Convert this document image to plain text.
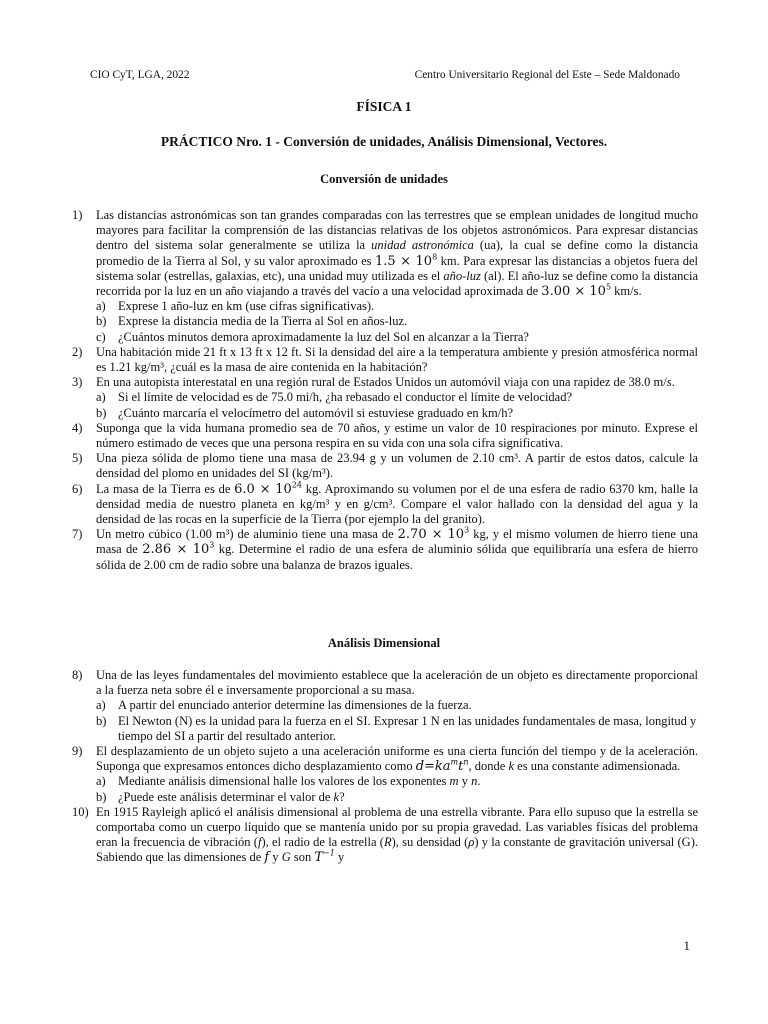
CIO CyT, LGA, 2022	Centro Universitario Regional del Este – Sede Maldonado
FÍSICA 1
PRÁCTICO Nro. 1 - Conversión de unidades, Análisis Dimensional, Vectores.
Conversión de unidades
1) Las distancias astronómicas son tan grandes comparadas con las terrestres que se emplean unidades de longitud mucho mayores para facilitar la comprensión de las distancias relativas de los objetos astronómicos. Para expresar distancias dentro del sistema solar generalmente se utiliza la unidad astronómica (ua), la cual se define como la distancia promedio de la Tierra al Sol, y su valor aproximado es $1.5 \times 10^8$ km. Para expresar las distancias a objetos fuera del sistema solar (estrellas, galaxias, etc), una unidad muy utilizada es el año-luz (al). El año-luz se define como la distancia recorrida por la luz en un año viajando a través del vacío a una velocidad aproximada de $3.00 \times 10^5$ km/s.
a) Exprese 1 año-luz en km (use cifras significativas).
b) Exprese la distancia media de la Tierra al Sol en años-luz.
c) ¿Cuántos minutos demora aproximadamente la luz del Sol en alcanzar a la Tierra?
2) Una habitación mide 21 ft x 13 ft x 12 ft. Si la densidad del aire a la temperatura ambiente y presión atmosférica normal es 1.21 kg/m³, ¿cuál es la masa de aire contenida en la habitación?
3) En una autopista interestatal en una región rural de Estados Unidos un automóvil viaja con una rapidez de 38.0 m/s.
a) Si el límite de velocidad es de 75.0 mi/h, ¿ha rebasado el conductor el límite de velocidad?
b) ¿Cuánto marcaría el velocímetro del automóvil si estuviese graduado en km/h?
4) Suponga que la vida humana promedio sea de 70 años, y estime un valor de 10 respiraciones por minuto. Exprese el número estimado de veces que una persona respira en su vida con una sola cifra significativa.
5) Una pieza sólida de plomo tiene una masa de 23.94 g y un volumen de 2.10 cm³. A partir de estos datos, calcule la densidad del plomo en unidades del SI (kg/m³).
6) La masa de la Tierra es de $6.0 \times 10^{24}$ kg. Aproximando su volumen por el de una esfera de radio 6370 km, halle la densidad media de nuestro planeta en kg/m³ y en g/cm³. Compare el valor hallado con la densidad del agua y la densidad de las rocas en la superficie de la Tierra (por ejemplo la del granito).
7) Un metro cúbico (1.00 m³) de aluminio tiene una masa de $2.70 \times 10^3$ kg, y el mismo volumen de hierro tiene una masa de $2.86 \times 10^3$ kg. Determine el radio de una esfera de aluminio sólida que equilibraría una esfera de hierro sólida de 2.00 cm de radio sobre una balanza de brazos iguales.
Análisis Dimensional
8) Una de las leyes fundamentales del movimiento establece que la aceleración de un objeto es directamente proporcional a la fuerza neta sobre él e inversamente proporcional a su masa.
a) A partir del enunciado anterior determine las dimensiones de la fuerza.
b) El Newton (N) es la unidad para la fuerza en el SI. Expresar 1 N en las unidades fundamentales de masa, longitud y tiempo del SI a partir del resultado anterior.
9) El desplazamiento de un objeto sujeto a una aceleración uniforme es una cierta función del tiempo y de la aceleración. Suponga que expresamos entonces dicho desplazamiento como $d=ka^mt^n$, donde k es una constante adimensionada.
a) Mediante análisis dimensional halle los valores de los exponentes m y n.
b) ¿Puede este análisis determinar el valor de k?
10) En 1915 Rayleigh aplicó el análisis dimensional al problema de una estrella vibrante. Para ello supuso que la estrella se comportaba como un cuerpo líquido que se mantenía unido por su propia gravedad. Las variables físicas del problema eran la frecuencia de vibración (f), el radio de la estrella (R), su densidad (ρ) y la constante de gravitación universal (G). Sabiendo que las dimensiones de f y G son $T^{-1}$ y
1
